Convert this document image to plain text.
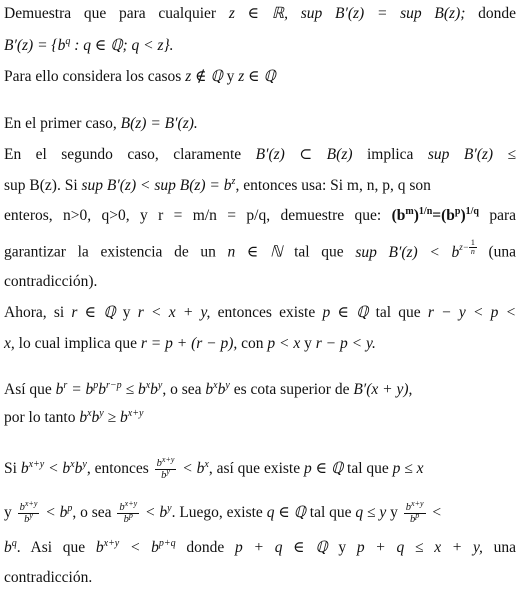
Demuestra que para cualquier z ∈ ℝ, sup B′(z) = sup B(z); donde
$B'(z) = \{b^q$ : q ∈ ℚ; q < z}.
Para ello considera los casos z ∉ ℚ y z ∈ ℚ
En el primer caso, B(z) = B′(z).
En el segundo caso, claramente B′(z) ⊂ B(z) implica sup B′(z) ≤
sup B(z). Si sup B′(z) < sup $B(z) = b^z$, entonces usa: Si m, n, p, q son
enteros, n>0, q>0, y r = m/n = p/q, demuestre que: $(b^m)^{1/n}=(b^p)^{1/q}$ para
garantizar la existencia de un n ∈ ℕ tal que sup $B'(z) < b^{z- \frac{1}{n}}$ (una
contradicción).
Ahora, si r ∈ ℚ y r < x + y, entonces existe p ∈ ℚ tal que r − y < p <
x, lo cual implica que r = p + (r − p), con p < x y r − p < y.
Así que $b^r = b^pb^{r-p} \le b^xb^y$, o sea $b^xb^y$ es cota superior de B′(x + y),
por lo tanto $b^xb^y \ge b^{x+y}$
Si $b^{x+y} < b^xb^y$, entonces $\frac{b^{x+y}}{b^y} < b^x$, así que existe p ∈ ℚ tal que p ≤ x
y $\frac{b^{x+y}}{b^y} < b^p$, o sea $\frac{b^{x+y}}{b^p} < b^y$. Luego, existe q ∈ ℚ tal que q ≤ y y $\frac{b^{x+y}}{b^p}$ <
$b^q$. Asi que $b^{x+y} < b^{p+q}$ donde p + q ∈ ℚ y p + q ≤ x + y, una
contradicción.
